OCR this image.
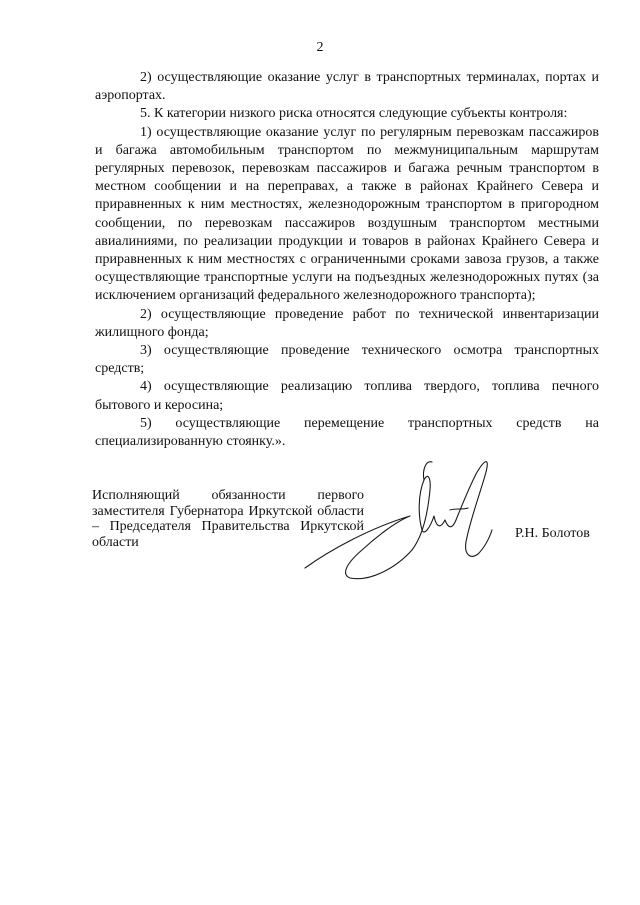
2

2) осуществляющие оказание услуг в транспортных терминалах, портах и аэропортах.

5. К категории низкого риска относятся следующие субъекты контроля:

1) осуществляющие оказание услуг по регулярным перевозкам пассажиров и багажа автомобильным транспортом по межмуниципальным маршрутам регулярных перевозок, перевозкам пассажиров и багажа речным транспортом в местном сообщении и на переправах, а также в районах Крайнего Севера и приравненных к ним местностях, железнодорожным транспортом в пригородном сообщении, по перевозкам пассажиров воздушным транспортом местными авиалиниями, по реализации продукции и товаров в районах Крайнего Севера и приравненных к ним местностях с ограниченными сроками завоза грузов, а также осуществляющие транспортные услуги на подъездных железнодорожных путях (за исключением организаций федерального железнодорожного транспорта);

2) осуществляющие проведение работ по технической инвентаризации жилищного фонда;

3) осуществляющие проведение технического осмотра транспортных средств;

4) осуществляющие реализацию топлива твердого, топлива печного бытового и керосина;

5) осуществляющие перемещение транспортных средств на специализированную стоянку.».

Исполняющий обязанности первого заместителя Губернатора Иркутской области – Председателя Правительства Иркутской области
Р.Н. Болотов
